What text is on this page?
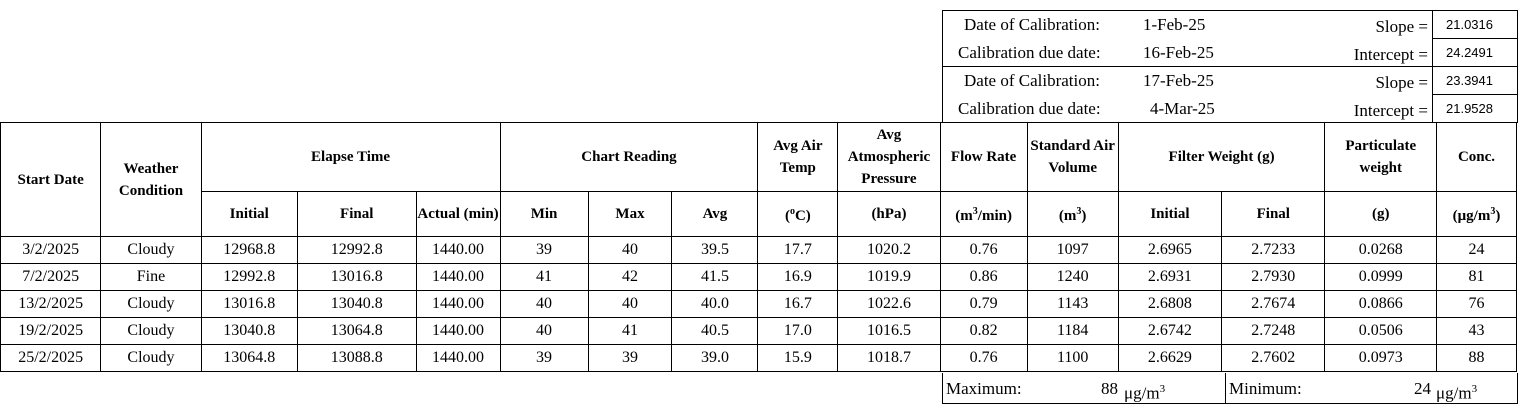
Date of Calibration:	1-Feb-25
Calibration due date: 16-Feb-25
Slope = 21.0316
Intercept = 24.2491
Date of Calibration:	17-Feb-25
Calibration due date:	4-Mar-25
Slope = 23.3941
Intercept = 21.9528
Start Date	Weather Condition	Elapse Time			Chart Reading			Avg Air Temp	Avg Atmospheric Pressure	Flow Rate	Standard Air Volume	Filter Weight (g)		Particulate weight	Conc.
		Initial	Final	Actual (min)	Min	Max	Avg	($^o$C)	(hPa)	$(m^3/\min)$	$(m^3)$	Initial	Final	(g)	$(\mu g/m^3)$
3/2/2025	Cloudy	12968.8	12992.8	1440.00	39	40	39.5	17.7	1020.2	0.76	1097	2.6965	2.7233	0.0268	24
7/2/2025	Fine	12992.8	13016.8	1440.00	41	42	41.5	16.9	1019.9	0.86	1240	2.6931	2.7930	0.0999	81
13/2/2025	Cloudy	13016.8	13040.8	1440.00	40	40	40.0	16.7	1022.6	0.79	1143	2.6808	2.7674	0.0866	76
19/2/2025	Cloudy	13040.8	13064.8	1440.00	40	41	40.5	17.0	1016.5	0.82	1184	2.6742	2.7248	0.0506	43
25/2/2025	Cloudy	13064.8	13088.8	1440.00	39	39	39.0	15.9	1018.7	0.76	1100	2.6629	2.7602	0.0973	88
Maximum:	88 $\mu g/m^3$	Minimum:	24 $\mu g/m^3$
